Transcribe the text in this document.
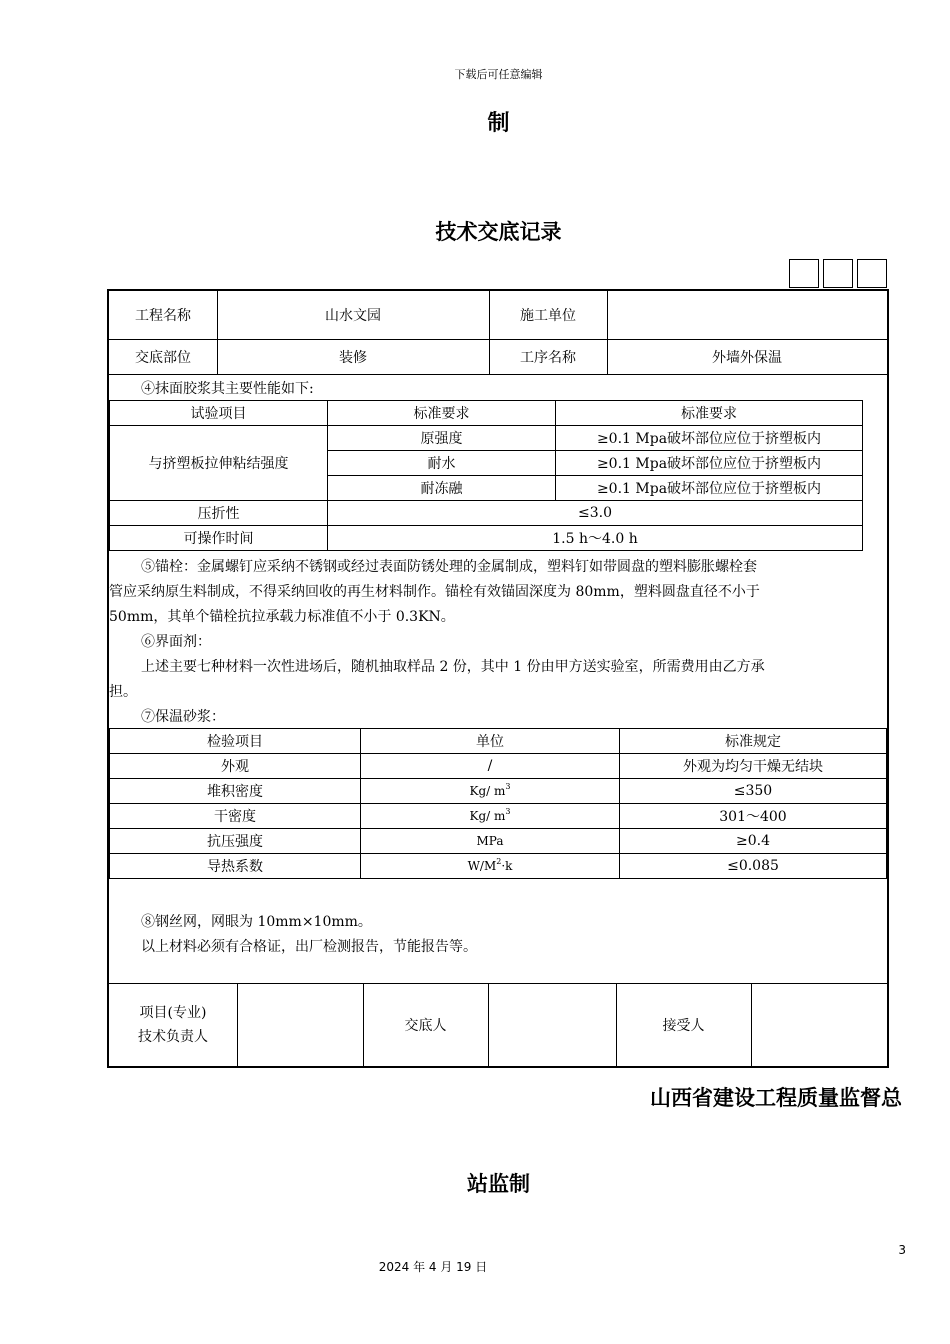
下载后可任意编辑
制
技术交底记录
工程名称	山水文园	施工单位
交底部位	装修	工序名称	外墙外保温
④抹面胶浆其主要性能如下:
试验项目	标准要求	标准要求
与挤塑板拉伸粘结强度	原强度	≥0.1 Mpa破坏部位应位于挤塑板内
	耐水	≥0.1 Mpa破坏部位应位于挤塑板内
	耐冻融	≥0.1 Mpa破坏部位应位于挤塑板内
压折性	≤3.0	
可操作时间	1.5 h～4.0 h	
⑤锚栓：金属螺钉应采纳不锈钢或经过表面防锈处理的金属制成，塑料钉如带圆盘的塑料膨胀螺栓套
管应采纳原生料制成，不得采纳回收的再生材料制作。锚栓有效锚固深度为 80mm，塑料圆盘直径不小于
50mm，其单个锚栓抗拉承载力标准值不小于 0.3KN。
⑥界面剂：
上述主要七种材料一次性进场后，随机抽取样品 2 份，其中 1 份由甲方送实验室，所需费用由乙方承
担。
⑦保温砂浆：
检验项目	单位	标准规定
外观	/	外观为均匀干燥无结块
堆积密度	Kg/ $m^3$	≤350
干密度	Kg/ $m^3$	301～400
抗压强度	MPa	≥0.4
导热系数	$W/M^2\cdot k$	≤0.085
⑧钢丝网，网眼为 10mm×10mm。
以上材料必须有合格证，出厂检测报告，节能报告等。
项目(专业)
技术负责人
交底人	接受人
山西省建设工程质量监督总
站监制
3
2024 年 4 月 19 日
